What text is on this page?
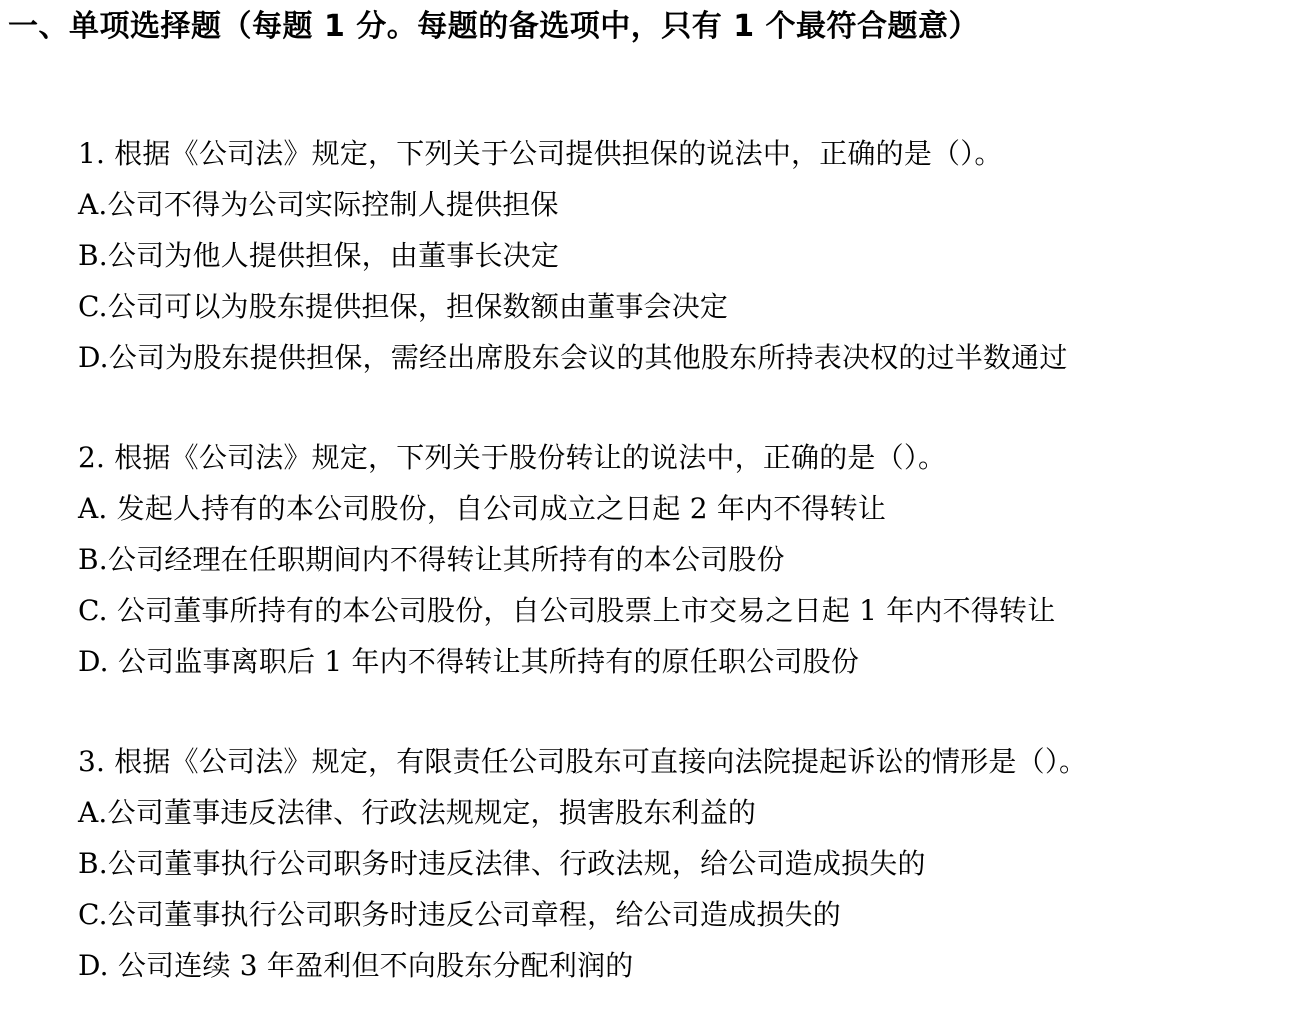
一、单项选择题（每题 1 分。每题的备选项中，只有 1 个最符合题意）
1. 根据《公司法》规定，下列关于公司提供担保的说法中，正确的是（）。
A.公司不得为公司实际控制人提供担保
B.公司为他人提供担保，由董事长决定
C.公司可以为股东提供担保，担保数额由董事会决定
D.公司为股东提供担保，需经出席股东会议的其他股东所持表决权的过半数通过
2. 根据《公司法》规定，下列关于股份转让的说法中，正确的是（）。
A. 发起人持有的本公司股份，自公司成立之日起 2 年内不得转让
B.公司经理在任职期间内不得转让其所持有的本公司股份
C. 公司董事所持有的本公司股份，自公司股票上市交易之日起 1 年内不得转让
D. 公司监事离职后 1 年内不得转让其所持有的原任职公司股份
3. 根据《公司法》规定，有限责任公司股东可直接向法院提起诉讼的情形是（）。
A.公司董事违反法律、行政法规规定，损害股东利益的
B.公司董事执行公司职务时违反法律、行政法规，给公司造成损失的
C.公司董事执行公司职务时违反公司章程，给公司造成损失的
D. 公司连续 3 年盈利但不向股东分配利润的
